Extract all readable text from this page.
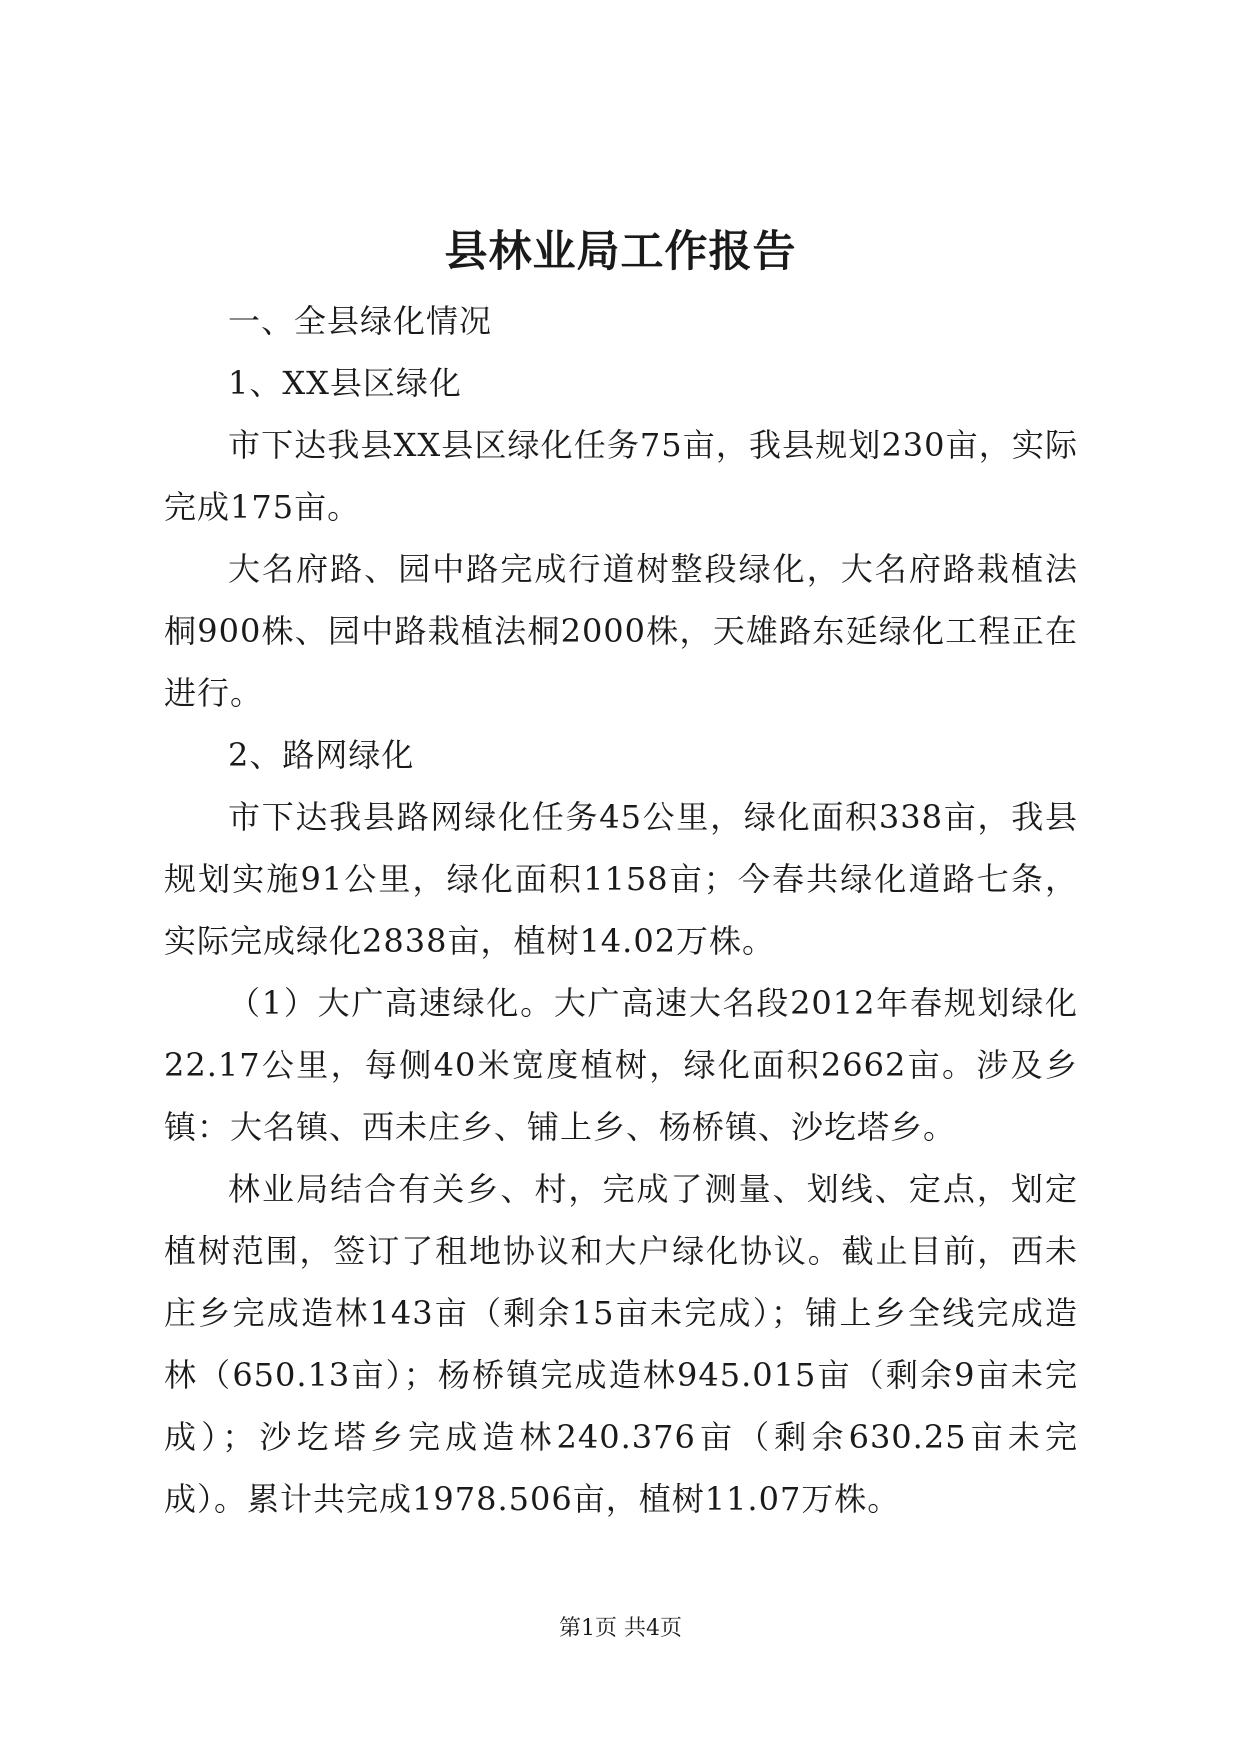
县林业局工作报告

一、全县绿化情况

1、XX县区绿化

市下达我县XX县区绿化任务75亩，我县规划230亩，实际完成175亩。

大名府路、园中路完成行道树整段绿化，大名府路栽植法桐900株、园中路栽植法桐2000株，天雄路东延绿化工程正在进行。

2、路网绿化

市下达我县路网绿化任务45公里，绿化面积338亩，我县规划实施91公里，绿化面积1158亩；今春共绿化道路七条，实际完成绿化2838亩，植树14.02万株。

（1）大广高速绿化。大广高速大名段2012年春规划绿化22.17公里，每侧40米宽度植树，绿化面积2662亩。涉及乡镇：大名镇、西未庄乡、铺上乡、杨桥镇、沙圪塔乡。

林业局结合有关乡、村，完成了测量、划线、定点，划定植树范围，签订了租地协议和大户绿化协议。截止目前，西未庄乡完成造林143亩（剩余15亩未完成）；铺上乡全线完成造林（650.13亩）；杨桥镇完成造林945.015亩（剩余9亩未完成）；沙圪塔乡完成造林240.376亩（剩余630.25亩未完成）。累计共完成1978.506亩，植树11.07万株。

第1页 共4页
